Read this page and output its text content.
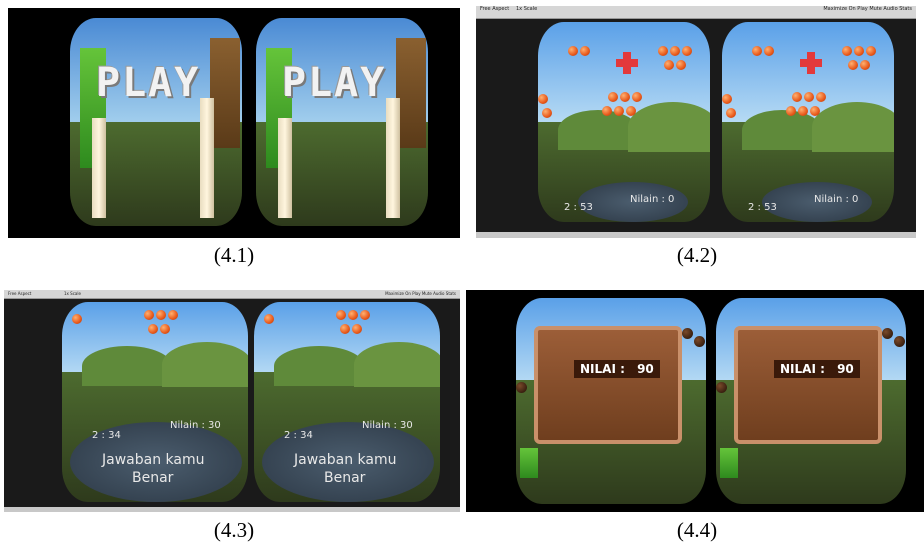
PLAY PLAY
(4.1)
Free Aspect 1x Scale	Maximize On Play Mute Audio Stats
Nilain : 0
2 : 53
Nilain : 0
2 : 53
(4.2)
Free Aspect	1x Scale	Maximize On Play Mute Audio Stats
Nilain : 30
2 : 34
Jawaban kamu
Benar
Nilain : 30
2 : 34
Jawaban kamu
Benar
(4.3)
NILAI : 90	NILAI : 90
(4.4)
